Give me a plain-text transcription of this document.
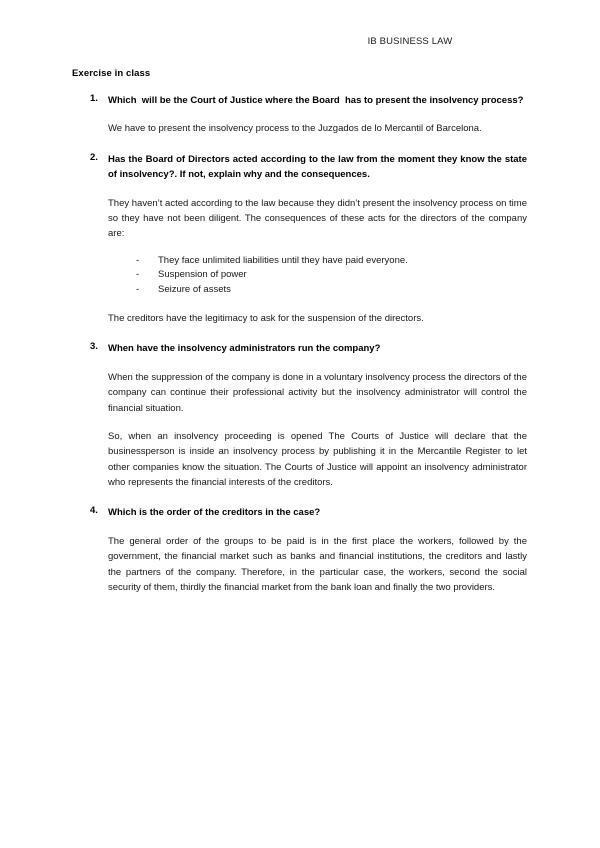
IB BUSINESS LAW
Exercise in class
1. Which  will be the Court of Justice where the Board  has to present the insolvency process?

We have to present the insolvency process to the Juzgados de lo Mercantil of Barcelona.

2. Has the Board of Directors acted according to the law from the moment they know the state of insolvency?. If not, explain why and the consequences.

They haven’t acted according to the law because they didn’t present the insolvency process on time so they have not been diligent. The consequences of these acts for the directors of the company are:

- They face unlimited liabilities until they have paid everyone.
- Suspension of power
- Seizure of assets

The creditors have the legitimacy to ask for the suspension of the directors.

3. When have the insolvency administrators run the company?

When the suppression of the company is done in a voluntary insolvency process the directors of the company can continue their professional activity but the insolvency administrator will control the financial situation.

So, when an insolvency proceeding is opened The Courts of Justice will declare that the businessperson is inside an insolvency process by publishing it in the Mercantile Register to let other companies know the situation. The Courts of Justice will appoint an insolvency administrator who represents the financial interests of the creditors.

4. Which is the order of the creditors in the case?

The general order of the groups to be paid is in the first place the workers, followed by the government, the financial market such as banks and financial institutions, the creditors and lastly the partners of the company. Therefore, in the particular case, the workers, second the social security of them, thirdly the financial market from the bank loan and finally the two providers.
